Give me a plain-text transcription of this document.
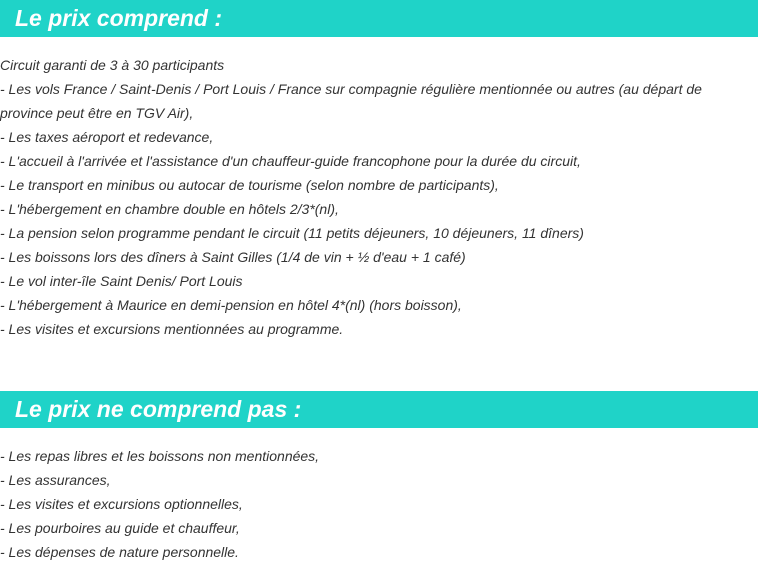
Le prix comprend :
Circuit garanti de 3 à 30 participants
- Les vols France / Saint-Denis / Port Louis / France sur compagnie régulière mentionnée ou autres (au départ de province peut être en TGV Air),
- Les taxes aéroport et redevance,
- L'accueil à l'arrivée et l'assistance d'un chauffeur-guide francophone pour la durée du circuit,
- Le transport en minibus ou autocar de tourisme (selon nombre de participants),
- L'hébergement en chambre double en hôtels 2/3*(nl),
- La pension selon programme pendant le circuit (11 petits déjeuners, 10 déjeuners, 11 dîners)
- Les boissons lors des dîners à Saint Gilles (1/4 de vin + ½ d'eau + 1 café)
- Le vol inter-île Saint Denis/ Port Louis
- L'hébergement à Maurice en demi-pension en hôtel 4*(nl) (hors boisson),
- Les visites et excursions mentionnées au programme.
Le prix ne comprend pas :
- Les repas libres et les boissons non mentionnées,
- Les assurances,
- Les visites et excursions optionnelles,
- Les pourboires au guide et chauffeur,
- Les dépenses de nature personnelle.
